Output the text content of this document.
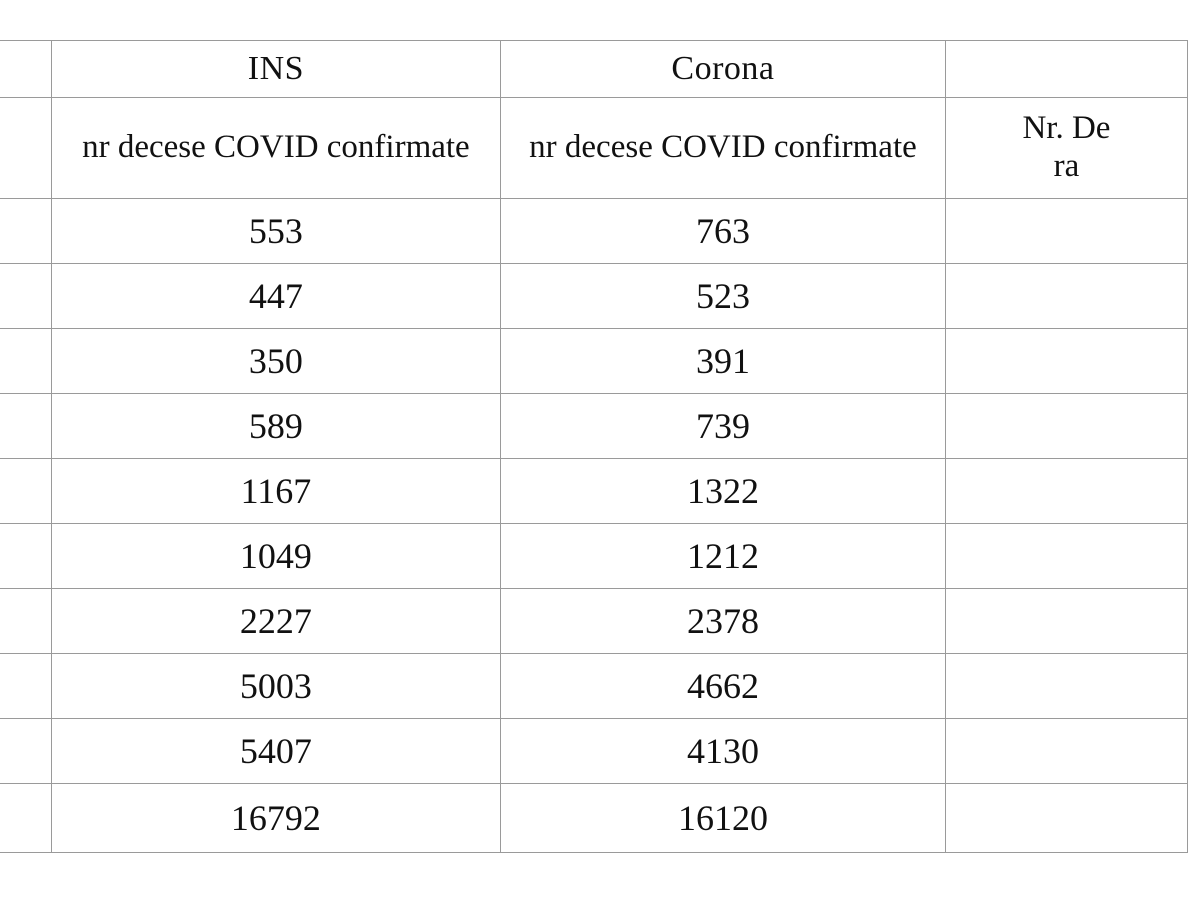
	INS	Corona	
	nr decese COVID confirmate	nr decese COVID confirmate	Nr. De
ra

	553	763	
	447	523	
	350	391	
	589	739	
	1167	1322	
	1049	1212	
	2227	2378	
	5003	4662	
	5407	4130	
	16792	16120	
